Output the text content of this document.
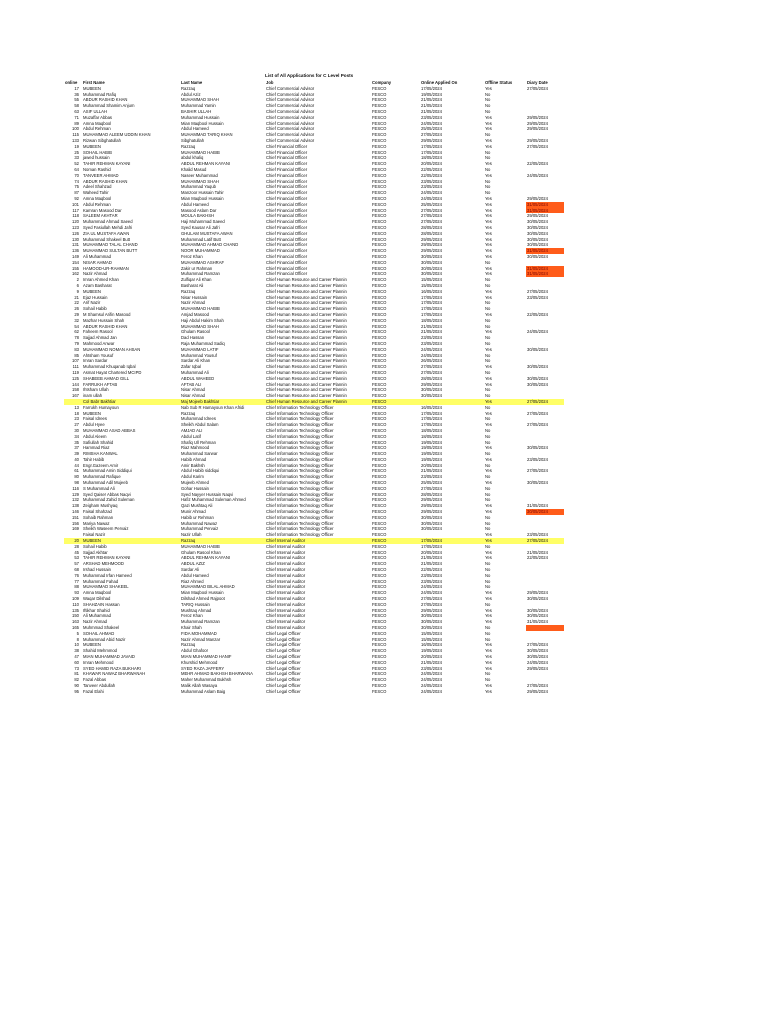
List of All Applications for C Level Posts
online	First Name	Last Name	Job	Company	Online Applied On	Offline Status	Diary Date
17	MUBEEN	Razzaq	Chief Commercial Advisor	FESCO	17/05/2024	Yes	27/05/2024
36	Muhammad Rafiq	Abdul Aziz	Chief Commercial Advisor	FESCO	19/05/2024	No	
55	ABDUR RASHID KHAN	MUHAMMAD SHAH	Chief Commercial Advisor	FESCO	21/05/2024	No	
58	Muhammad Shamim Anjum	Muhammad Yamin	Chief Commercial Advisor	FESCO	21/05/2024	No	
63	ASIF ULLAH	BASHIR ULLAH	Chief Commercial Advisor	FESCO	21/05/2024	No	
71	Muzaffar Abbas	Muhammad Hussain	Chief Commercial Advisor	FESCO	23/05/2024	Yes	29/05/2024
89	Amna Maqbool	Mian Maqbool Hussain	Chief Commercial Advisor	FESCO	24/05/2024	Yes	29/05/2024
100	Abdul Rehman	Abdul Hameed	Chief Commercial Advisor	FESCO	25/05/2024	Yes	29/05/2024
115	MUHAMMAD ALEEM UDDIN KHAN	MUHAMMAD TARIQ KHAN	Chief Commercial Advisor	FESCO	27/05/2024	No	
133	Rizwan Sibghatullah	Sibghatullah	Chief Commercial Advisor	FESCO	29/05/2024	Yes	29/05/2024
19	MUBEEN	Razzaq	Chief Financial Officer	FESCO	17/05/2024	Yes	27/05/2024
25	SOHAIL HABIB	MUHAMMAD HABIB	Chief Financial Officer	FESCO	17/05/2024	No	
33	jawed hussain	abdul khaliq	Chief Financial Officer	FESCO	18/05/2024	No	
52	TAHIR REHMAN KAYANI	ABDUL REHMAN KAYANI	Chief Financial Officer	FESCO	20/05/2024	Yes	22/05/2024
64	Noman Rashid	Khalid Masud	Chief Financial Officer	FESCO	22/05/2024	No	
70	TANVEER AHMAD	Naseer Muhammad	Chief Financial Officer	FESCO	22/05/2024	Yes	24/05/2024
74	ABDUR RASHID KHAN	MUHAMMAD SHAH	Chief Financial Officer	FESCO	23/05/2024	No	
75	Adeel Shahzad	Muhammad Yaqub	Chief Financial Officer	FESCO	23/05/2024	No	
87	Waheed Tahir	Manzoor Hussain Tahir	Chief Financial Officer	FESCO	24/05/2024	No	
92	Amna Maqbool	Mian Maqbool Hussain	Chief Financial Officer	FESCO	24/05/2024	Yes	29/05/2024
101	Abdul Rehman	Abdul Hameed	Chief Financial Officer	FESCO	25/05/2024	Yes	31/05/2024
117	Kamran Masood Dar	Masood Aslam Dar	Chief Financial Officer	FESCO	27/05/2024	Yes	31/05/2024
118	SALEEM AKHTAR	MOULA BAKHSH	Chief Financial Officer	FESCO	27/05/2024	Yes	29/05/2024
120	Muhammad Ahmad Saeed	Haji Muhammad Saeed	Chief Financial Officer	FESCO	27/05/2024	Yes	30/05/2024
123	Syed Fasiullah Mehdi Jafri	Syed Kausar Ali Jafri	Chief Financial Officer	FESCO	28/05/2024	Yes	30/05/2024
126	ZIA UL MUSTAFA AWAN	GHULAM MUSTAFA AWAN	Chief Financial Officer	FESCO	28/05/2024	Yes	30/05/2024
130	Muhammad Shakeel Butt	Muhammad Latif Butt	Chief Financial Officer	FESCO	29/05/2024	Yes	30/05/2024
131	MUHAMMAD TALAL CHAND	MUHAMMAD AHMAD CHAND	Chief Financial Officer	FESCO	29/05/2024	Yes	30/05/2024
136	MUHAMMAD SULTAN BUTT	NOOR MUHAMMAD	Chief Financial Officer	FESCO	29/05/2024	Yes	31/05/2024
149	Ali Muhammad	Feroz Khan	Chief Financial Officer	FESCO	30/05/2024	Yes	30/05/2024
154	NISAR AHMAD	MUHAMMAD ASHRAF	Chief Financial Officer	FESCO	30/05/2024	No	
155	HAMOOD-UR-RAHMAN	Zakir ur Rahman	Chief Financial Officer	FESCO	30/05/2024	Yes	31/05/2024
162	Nazir Ahmad	Muhammad Ramzan	Chief Financial Officer	FESCO	30/05/2024	Yes	31/05/2024
2	Imran Ahmed Khan	Zulfiqar Ali Khan	Chief Human Resource and Career Plannin	FESCO	15/05/2024	No	
6	Azam Basharat	Basharat Ali	Chief Human Resource and Career Plannin	FESCO	15/05/2024	No	
9	MUBEEN	Razzaq	Chief Human Resource and Career Plannin	FESCO	16/05/2024	Yes	27/05/2024
21	Ejaz Hussain	Nisar Hussain	Chief Human Resource and Career Plannin	FESCO	17/05/2024	Yes	23/05/2024
22	Arif Nazir	Nazir Ahmad	Chief Human Resource and Career Plannin	FESCO	17/05/2024	No	
26	Sohail Habib	MUHAMMAD HABIB	Chief Human Resource and Career Plannin	FESCO	17/05/2024	No	
29	M Shamsul Arifin Masood	Amjad Masood	Chief Human Resource and Career Plannin	FESCO	17/05/2024	Yes	22/05/2024
32	Mazhar Hussain Shah	Haji Abdul Hakim Shah	Chief Human Resource and Career Plannin	FESCO	18/05/2024	No	
54	ABDUR RASHID KHAN	MUHAMMAD SHAH	Chief Human Resource and Career Plannin	FESCO	21/05/2024	No	
62	Faheem Rasool	Ghulam Rasool	Chief Human Resource and Career Plannin	FESCO	21/05/2024	Yes	24/05/2024
78	Sajjad Ahmad Jan	Dad Hassan	Chief Human Resource and Career Plannin	FESCO	23/05/2024	No	
79	Mahmood Anwar	Raja Muhammad Sadiq	Chief Human Resource and Career Plannin	FESCO	23/05/2024	No	
83	MUHAMMAD NOMAN AHSAN	MUHAMMAD LATIF	Chief Human Resource and Career Plannin	FESCO	24/05/2024	Yes	30/05/2024
85	Ahtsham Yousuf	Muhammad Yousuf	Chief Human Resource and Career Plannin	FESCO	24/05/2024	No	
107	Imran Sardar	Sardar Ali Khan	Chief Human Resource and Career Plannin	FESCO	26/05/2024	No	
111	Muhammad Khuqanab Iqbal	Zafar Iqbal	Chief Human Resource and Career Plannin	FESCO	27/05/2024	Yes	30/05/2024
119	Asmat Hayat Chartered MCIPD	Muhammad Ali	Chief Human Resource and Career Plannin	FESCO	27/05/2024	No	
125	SHABEEB AHMAD GILL	ABDUL WAHEED	Chief Human Resource and Career Plannin	FESCO	28/05/2024	Yes	30/05/2024
144	FARRUKH AFTAB	AFTAB ALI	Chief Human Resource and Career Plannin	FESCO	29/05/2024	Yes	30/05/2024
158	Ihtsham Ullah	Nisar Ahmad	Chief Human Resource and Career Plannin	FESCO	30/05/2024	No	
167	inam ullah	Nisar Ahmad	Chief Human Resource and Career Plannin	FESCO	30/05/2024	No	
	Col Babr Bakhtiar	Maj Mojeeb Bakhtiar	Chief Human Resource and Career Plannin	FESCO		Yes	27/05/2024
13	Farrukh Humayoun	Nab Sub R Hamayoun Khan Afridi	Chief Information Technology Officer	FESCO	16/05/2024	No	
18	MUBEEN	Razzaq	Chief Information Technology Officer	FESCO	17/05/2024	Yes	27/05/2024
23	Faisal Idrees	Muhammad Idrees	Chief Information Technology Officer	FESCO	17/05/2024	No	
27	Abdul Hyee	Sheikh Abdul Salam	Chief Information Technology Officer	FESCO	17/05/2024	Yes	27/05/2024
30	MUHAMMAD ASAD ABBAS	AMJAD ALI	Chief Information Technology Officer	FESCO	18/05/2024	No	
34	Abdul Aleem	Abdul Latif	Chief Information Technology Officer	FESCO	18/05/2024	No	
35	Safiullah Shahid	Shafiq Ull Rehman	Chief Information Technology Officer	FESCO	19/05/2024	No	
37	Hammad Riaz	Riaz Mahmood	Chief Information Technology Officer	FESCO	19/05/2024	Yes	30/05/2024
39	RIMSHA KANWAL	Muhammad Sarwar	Chief Information Technology Officer	FESCO	19/05/2024	No	
40	Tahir Habib	Habib Ahmad	Chief Information Technology Officer	FESCO	19/05/2024	Yes	23/05/2024
44	Engr.Gazeem Amir	Amir Bakhsh	Chief Information Technology Officer	FESCO	20/05/2024	No	
61	Muhammad Amin Siddiqui	Abdul Habib siddiqui	Chief Information Technology Officer	FESCO	21/05/2024	Yes	27/05/2024
80	Muhammad Rafique	Abdul Karim	Chief Information Technology Officer	FESCO	23/05/2024	No	
98	Muhammad Adil Mujeeb	Mujeeb Ahmed	Chief Information Technology Officer	FESCO	25/05/2024	Yes	30/05/2024
116	S Muhammad Ali	Gohar Hussain	Chief Information Technology Officer	FESCO	27/05/2024	No	
129	Syed Qaiser Abbas Naqvi	Syed Nayyer Hussain Naqvi	Chief Information Technology Officer	FESCO	28/05/2024	No	
132	Muhammad Zahid Suleman	Hafiz Muhammad Suleman Ahmed	Chief Information Technology Officer	FESCO	29/05/2024	No	
138	Zeigham Mushyaq	Qazi Mushtaq Ali	Chief Information Technology Officer	FESCO	29/05/2024	Yes	31/05/2024
146	Faisal Shahzad	Munir Ahmad	Chief Information Technology Officer	FESCO	29/05/2024	Yes	30/05/2024
151	Sohaib Rahman	Habib ur Rehman	Chief Information Technology Officer	FESCO	30/05/2024	No	
156	Mariya Nawaz	Muhammad Nawaz	Chief Information Technology Officer	FESCO	30/05/2024	No	
169	Sheikh Waseem Pervaiz	Muhammad Pervaiz	Chief Information Technology Officer	FESCO	30/05/2024	No	
	Faisal Nazir	Nazir Ullah	Chief Information Technology Officer	FESCO		Yes	23/05/2024
20	MUBEEN	Razzaq	Chief Internal Auditor	FESCO	17/05/2024	Yes	27/05/2024
28	Sohail Habib	MUHAMMAD HABIB	Chief Internal Auditor	FESCO	17/05/2024	No	
45	Sajjad Akhtar	Ghulam Rasool Khan	Chief Internal Auditor	FESCO	20/05/2024	Yes	21/05/2024
53	TAHIR REHMAN KAYANI	ABDUL REHMAN KAYANI	Chief Internal Auditor	FESCO	21/05/2024	Yes	22/05/2024
57	ARSHAD MEHMOOD	ABDUL AZIZ	Chief Internal Auditor	FESCO	21/05/2024	No	
68	Irshad Hussain	Sardar Ali	Chief Internal Auditor	FESCO	22/05/2024	No	
76	Muhammad Irfan Hameed	Abdul Hameed	Chief Internal Auditor	FESCO	23/05/2024	No	
77	Muhammad Fahad	Riaz Ahmed	Chief Internal Auditor	FESCO	23/05/2024	No	
88	MUHAMMAD SHAKEEL	MUHAMMAD BILAL AHMAD	Chief Internal Auditor	FESCO	24/05/2024	No	
93	Amna Maqbool	Mian Maqbool Hussain	Chief Internal Auditor	FESCO	24/05/2024	Yes	29/05/2024
109	Waqar Dilshad	Dilshad Ahmed Rajpoot	Chief Internal Auditor	FESCO	27/05/2024	Yes	30/05/2024
110	SHAHZAIN Hassan	TARIQ Hussain	Chief Internal Auditor	FESCO	27/05/2024	No	
135	Iftikhar Shahid	Mushtaq Ahmad	Chief Internal Auditor	FESCO	29/05/2024	Yes	30/05/2024
150	Ali Muhammad	Feroz Khan	Chief Internal Auditor	FESCO	30/05/2024	Yes	30/05/2024
163	Nazir Ahmad	Muhammad Ramzan	Chief Internal Auditor	FESCO	30/05/2024	Yes	31/05/2024
165	Muhmmad Shakeel	Khair Shah	Chief Internal Auditor	FESCO	30/05/2024	No	
5	SOHAIL AHMAD	FIDA MOHAMMAD	Chief Legal Officer	FESCO	15/05/2024	No	
8	Muhammad Abid Nazir	Nazir Ahmad Manzar	Chief Legal Officer	FESCO	15/05/2024	No	
10	MUBEEN	Razzaq	Chief Legal Officer	FESCO	16/05/2024	Yes	27/05/2024
38	Shahid Mehmmod	Abdul Ghafoor	Chief Legal Officer	FESCO	19/05/2024	Yes	30/05/2024
47	MIAN MUHAMMAD JAVAID	MIAN MUHAMMAD HANIF	Chief Legal Officer	FESCO	20/05/2024	Yes	30/05/2024
60	Imran Mehmood	Khurshid Mehmood	Chief Legal Officer	FESCO	21/05/2024	Yes	24/05/2024
73	SYED HAMID RAZA BUKHARI	SYED RAZA JAFFERY	Chief Legal Officer	FESCO	23/05/2024	Yes	29/05/2024
81	KHAWAR NAWAZ BHARWANAH	MEHR AHMAD BAKHSH BHARWANA	Chief Legal Officer	FESCO	24/05/2024	No	
82	Fazal Abbas	Maher Muhammad Bukhsh	Chief Legal Officer	FESCO	24/05/2024	No	
90	Tanveer Abdullah	Malik Allah Wasaya	Chief Legal Officer	FESCO	24/05/2024	Yes	27/05/2024
95	Fazal Elahi	Muhammad Aslam Baig	Chief Legal Officer	FESCO	24/05/2024	Yes	29/05/2024
